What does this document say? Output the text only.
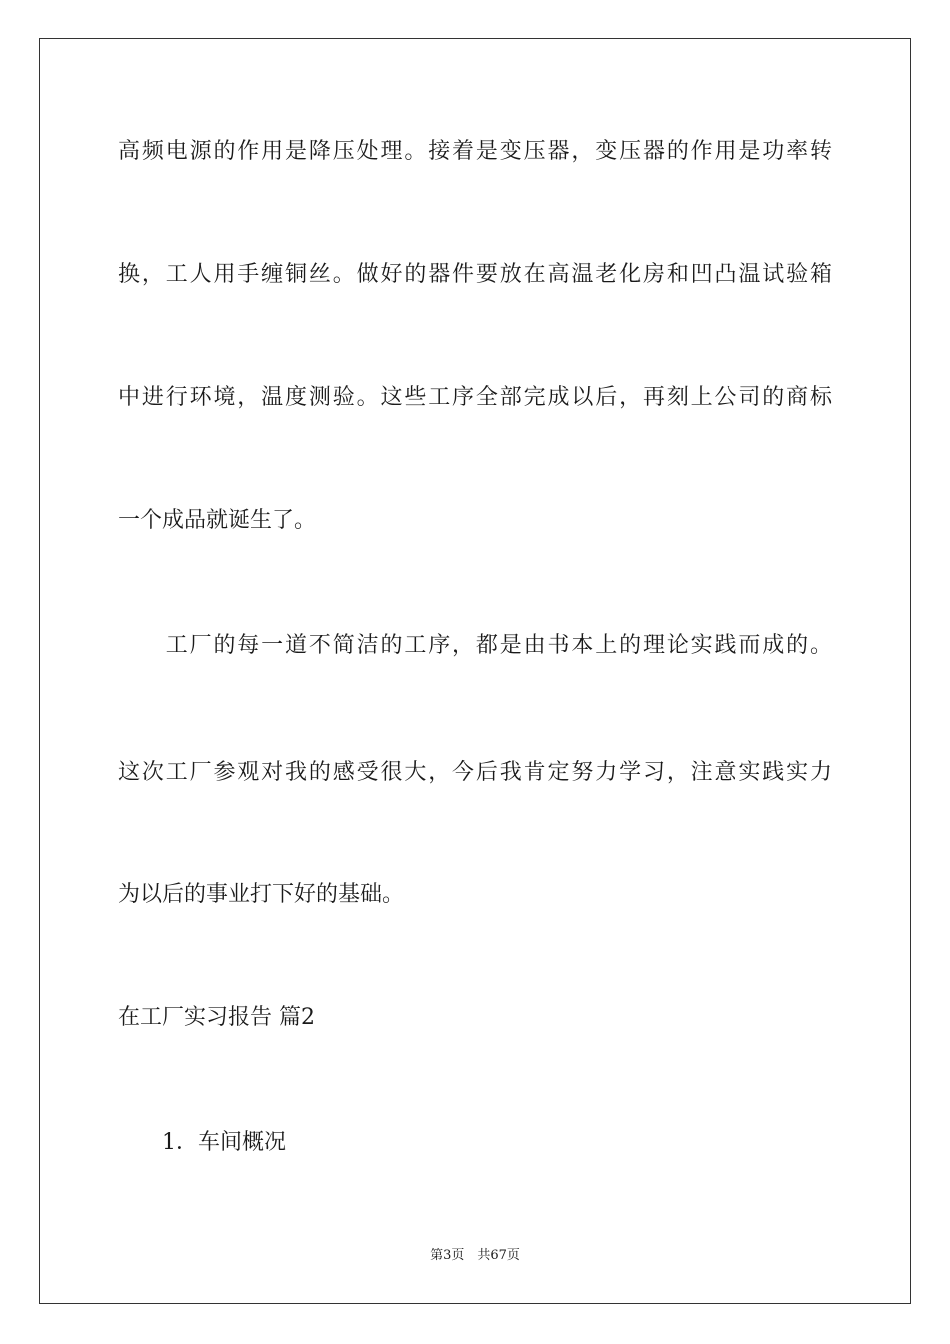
高频电源的作用是降压处理。接着是变压器，变压器的作用是功率转
换，工人用手缠铜丝。做好的器件要放在高温老化房和凹凸温试验箱
中进行环境，温度测验。这些工序全部完成以后，再刻上公司的商标
一个成品就诞生了。
　　工厂的每一道不简洁的工序，都是由书本上的理论实践而成的。
这次工厂参观对我的感受很大，今后我肯定努力学习，注意实践实力
为以后的事业打下好的基础。
在工厂实习报告 篇2
1．车间概况
第3页　共67页
